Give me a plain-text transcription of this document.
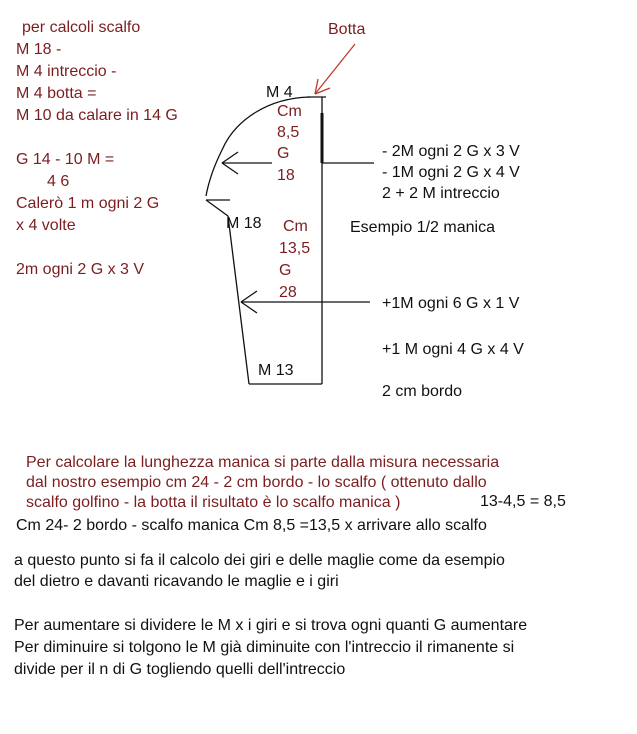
per calcoli scalfo
M 18 -
M 4 intreccio -
M 4 botta =
M 10 da calare in 14 G
G 14 - 10 M =
4 6
Calerò 1 m ogni 2 G
x 4 volte
2m ogni 2 G x 3 V
Botta
M 4
Cm
8,5
G
18
M 18 Cm
13,5
G
28
M 13
- 2M ogni 2 G x 3 V
- 1M ogni 2 G x 4 V
2 + 2 M intreccio
Esempio 1/2 manica
+1M ogni 6 G x 1 V
+1 M ogni 4 G x 4 V
2 cm bordo
Per calcolare la lunghezza manica si parte dalla misura necessaria
dal nostro esempio cm 24 - 2 cm bordo - lo scalfo ( ottenuto dallo
scalfo golfino - la botta il risultato è lo scalfo manica )	13-4,5 = 8,5
Cm 24- 2 bordo - scalfo manica Cm 8,5 =13,5 x arrivare allo scalfo
a questo punto si fa il calcolo dei giri e delle maglie come da esempio
del dietro e davanti ricavando le maglie e i giri
Per aumentare si dividere le M x i giri e si trova ogni quanti G aumentare
Per diminuire si tolgono le M già diminuite con l'intreccio il rimanente si
divide per il n di G togliendo quelli dell'intreccio
